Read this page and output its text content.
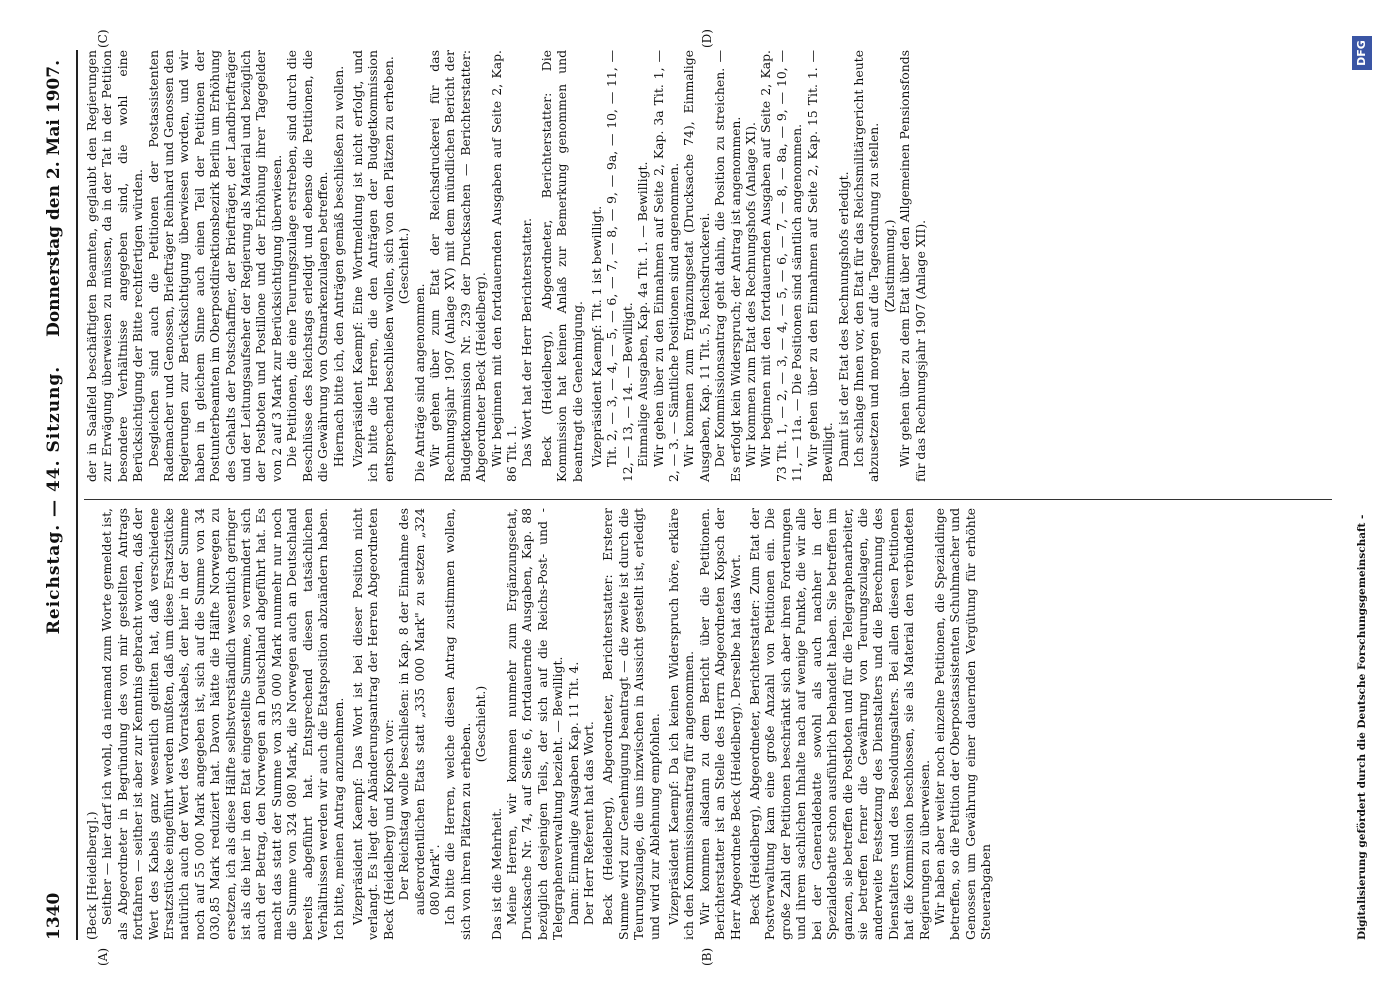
1340
Reichstag. — 44. Sitzung.
Donnerstag den 2. Mai 1907.
(A)	(B)
(C)	(D)

(Beck [Heidelberg].) Seither — hier darf ich wohl, da niemand zum Worte gemeldet ist, als Abgeordneter in Begründung des von mir gestellten Antrags fortfahren — seither ist aber zur Kenntnis gebracht worden, daß der Wert des Kabels ganz wesentlich gelitten hat, daß verschiedene Ersatzstücke eingeführt werden mußten, daß um diese Ersatzstücke natürlich auch der Wert des Vorratskabels, der hier in der Summe noch auf 55 000 Mark angegeben ist, sich auf die Summe von 34 030,85 Mark reduziert hat. Davon hätte die Hälfte Norwegen zu ersetzen, ich als diese Hälfte selbstverständlich wesentlich geringer ist als die hier in den Etat eingestellte Summe, so vermindert sich auch der Betrag, den Norwegen an Deutschland abgeführt hat. Es macht das statt der Summe von 335 000 Mark nunmehr nur noch die Summe von 324 080 Mark, die Norwegen auch an Deutschland bereits abgeführt hat. Entsprechend diesen tatsächlichen Verhältnissen werden wir auch die Etatsposition abzuändern haben. Ich bitte, meinen Antrag anzunehmen. Vizepräsident Kaempf: Das Wort ist bei dieser Position nicht verlangt. Es liegt der Abänderungsantrag der Herren Abgeordneten Beck (Heidelberg) und Kopsch vor: Der Reichstag wolle beschließen: in Kap. 8 der Einnahme des außerordentlichen Etats statt „335 000 Mark" zu setzen „324 080 Mark". Ich bitte die Herren, welche diesen Antrag zustimmen wollen, sich von ihren Plätzen zu erheben. (Geschieht.)

Das ist die Mehrheit. Meine Herren, wir kommen nunmehr zum Ergänzungsetat, Drucksache Nr. 74, auf Seite 6, fortdauernde Ausgaben, Kap. 88 bezüglich desjenigen Teils, der sich auf die Reichs-Post- und -Telegraphenverwaltung bezieht. — Bewilligt. Dann: Einmalige Ausgaben Kap. 11 Tit. 4. Der Herr Referent hat das Wort. Beck (Heidelberg), Abgeordneter, Berichterstatter: Ersterer Summe wird zur Genehmigung beantragt — die zweite ist durch die Teurungszulage, die uns inzwischen in Aussicht gestellt ist, erledigt und wird zur Ablehnung empfohlen. Vizepräsident Kaempf: Da ich keinen Widerspruch höre, erkläre ich den Kommissionsantrag für angenommen. Wir kommen alsdann zu dem Bericht über die Petitionen. Berichterstatter ist an Stelle des Herrn Abgeordneten Kopsch der Herr Abgeordnete Beck (Heidelberg). Derselbe hat das Wort. Beck (Heidelberg), Abgeordneter, Berichterstatter: Zum Etat der Postverwaltung kam eine große Anzahl von Petitionen ein. Die große Zahl der Petitionen beschränkt sich aber ihren Forderungen und ihrem sachlichen Inhalte nach auf wenige Punkte, die wir alle bei der Generaldebatte sowohl als auch nachher in der Spezialdebatte schon ausführlich behandelt haben. Sie betreffen im ganzen, sie betreffen die Postboten und für die Telegraphenarbeiter, sie betreffen ferner die Gewährung von Teurungszulagen, die anderweite Festsetzung des Dienstalters und die Berechnung des Dienstalters und des Besoldungsalters. Bei allen diesen Petitionen hat die Kommission beschlossen, sie als Material den verbündeten Regierungen zu überweisen. Wir haben aber weiter noch einzelne Petitionen, die Spezialdinge betreffen, so die Petition der Oberpostassistenten Schuhmacher und Genossen um Gewährung einer dauernden Vergütung für erhöhte Steuerabgaben

der in Saalfeld beschäftigten Beamten, geglaubt den Regierungen zur Erwägung überweisen zu müssen, da in der Tat in der Petition besondere Verhältnisse angegeben sind, die wohl eine Berücksichtigung der Bitte rechtfertigen würden. Desgleichen sind auch die Petitionen der Postassistenten Rademacher und Genossen, Briefträger Reinhard und Genossen den Regierungen zur Berücksichtigung überwiesen worden, und wir haben in gleichem Sinne auch einen Teil der Petitionen der Postunterbeamten im Oberpostdirektionsbezirk Berlin um Erhöhung des Gehalts der Postschaffner, der Briefträger, der Landbriefträger und der Leitungsaufseher der Regierung als Material und bezüglich der Postboten und Postillone und der Erhöhung ihrer Tagegelder von 2 auf 3 Mark zur Berücksichtigung überwiesen. Die Petitionen, die eine Teurungszulage erstreben, sind durch die Beschlüsse des Reichstags erledigt und ebenso die Petitionen, die die Gewährung von Ostmarkenzulagen betreffen. Hiernach bitte ich, den Anträgen gemäß beschließen zu wollen. Vizepräsident Kaempf: Eine Wortmeldung ist nicht erfolgt, und ich bitte die Herren, die den Anträgen der Budgetkommission entsprechend beschließen wollen, sich von den Plätzen zu erheben. (Geschieht.)

Die Anträge sind angenommen. Wir gehen über zum Etat der Reichsdruckerei für das Rechnungsjahr 1907 (Anlage XV) mit dem mündlichen Bericht der Budgetkommission Nr. 239 der Drucksachen — Berichterstatter: Abgeordneter Beck (Heidelberg). Wir beginnen mit den fortdauernden Ausgaben auf Seite 2, Kap. 86 Tit. 1. Das Wort hat der Herr Berichterstatter. Beck (Heidelberg), Abgeordneter, Berichterstatter: Die Kommission hat keinen Anlaß zur Bemerkung genommen und beantragt die Genehmigung. Vizepräsident Kaempf: Tit. 1 ist bewilligt. Tit. 2, — 3, — 4, — 5, — 6, — 7, — 8, — 9, — 9a, — 10, — 11, — 12, — 13, — 14. — Bewilligt. Einmalige Ausgaben, Kap. 4a Tit. 1. — Bewilligt. Wir gehen über zu den Einnahmen auf Seite 2, Kap. 3a Tit. 1, — 2, — 3. — Sämtliche Positionen sind angenommen. Wir kommen zum Ergänzungsetat (Drucksache 74), Einmalige Ausgaben, Kap. 11 Tit. 5, Reichsdruckerei. Der Kommissionsantrag geht dahin, die Position zu streichen. — Es erfolgt kein Widerspruch; der Antrag ist angenommen. Wir kommen zum Etat des Rechnungshofs (Anlage XI). Wir beginnen mit den fortdauernden Ausgaben auf Seite 2, Kap. 73 Tit. 1, — 2, — 3, — 4, — 5, — 6, — 7, — 8, — 8a, — 9, — 10, — 11, — 11a. — Die Positionen sind sämtlich angenommen. Wir gehen über zu den Einnahmen auf Seite 2, Kap. 15 Tit. 1. — Bewilligt. Damit ist der Etat des Rechnungshofs erledigt. Ich schlage Ihnen vor, den Etat für das Reichsmilitärgericht heute abzusetzen und morgen auf die Tagesordnung zu stellen. (Zustimmung.) Wir gehen über zu dem Etat über den Allgemeinen Pensionsfonds für das Rechnungsjahr 1907 (Anlage XII).

Digitalisierung gefördert durch die Deutsche Forschungsgemeinschaft -
DFG
